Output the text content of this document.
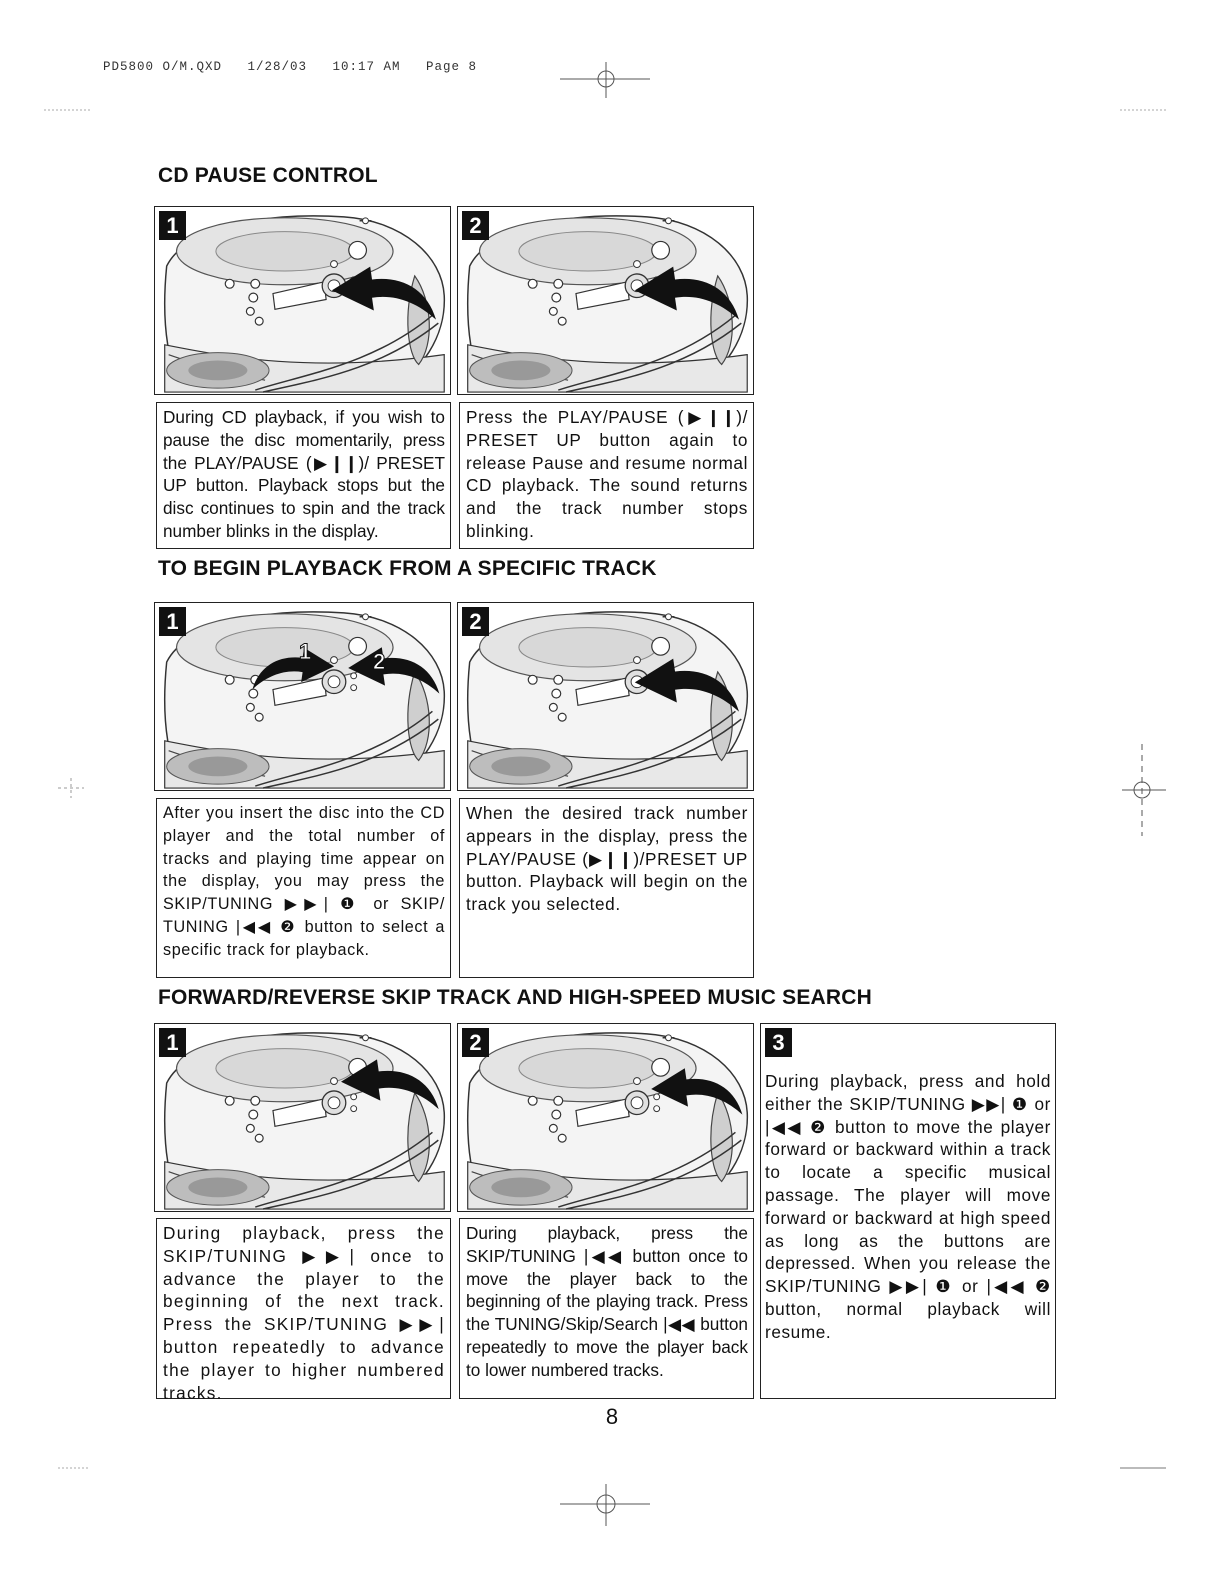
PD5800 O/M.QXD   1/28/03   10:17 AM   Page 8
CD PAUSE CONTROL
1	2
During CD playback, if you wish to pause the disc momentarily, press the PLAY/PAUSE (▶❙❙)/ PRESET UP button. Playback stops but the disc continues to spin and the track number blinks in the display.
Press the PLAY/PAUSE (▶❙❙)/ PRESET UP button again to release Pause and resume normal CD playback. The sound returns and the track number stops blinking.
TO BEGIN PLAYBACK FROM A SPECIFIC TRACK
1	2
1	2
After you insert the disc into the CD player and the total number of tracks and playing time appear on the display, you may press the SKIP/TUNING ▶▶| ❶ or SKIP/ TUNING |◀◀ ❷ button to select a specific track for playback.
When the desired track number appears in the display, press the PLAY/PAUSE (▶❙❙)/PRESET UP button. Playback will begin on the track you selected.
FORWARD/REVERSE SKIP TRACK AND HIGH-SPEED MUSIC SEARCH
1	2	3
During playback, press and hold either the SKIP/TUNING ▶▶| ❶ or |◀◀ ❷ button to move the player forward or backward within a track to locate a specific musical passage. The player will move forward or backward at high speed as long as the buttons are depressed. When you release the SKIP/TUNING ▶▶| ❶ or |◀◀ ❷ button, normal playback will resume.
During playback, press the SKIP/TUNING ▶▶| once to advance the player to the beginning of the next track. Press the SKIP/TUNING ▶▶| button repeatedly to advance the player to higher numbered tracks.
During playback, press the SKIP/TUNING |◀◀ button once to move the player back to the beginning of the playing track. Press the TUNING/Skip/Search |◀◀ button repeatedly to move the player back to lower numbered tracks.
8
